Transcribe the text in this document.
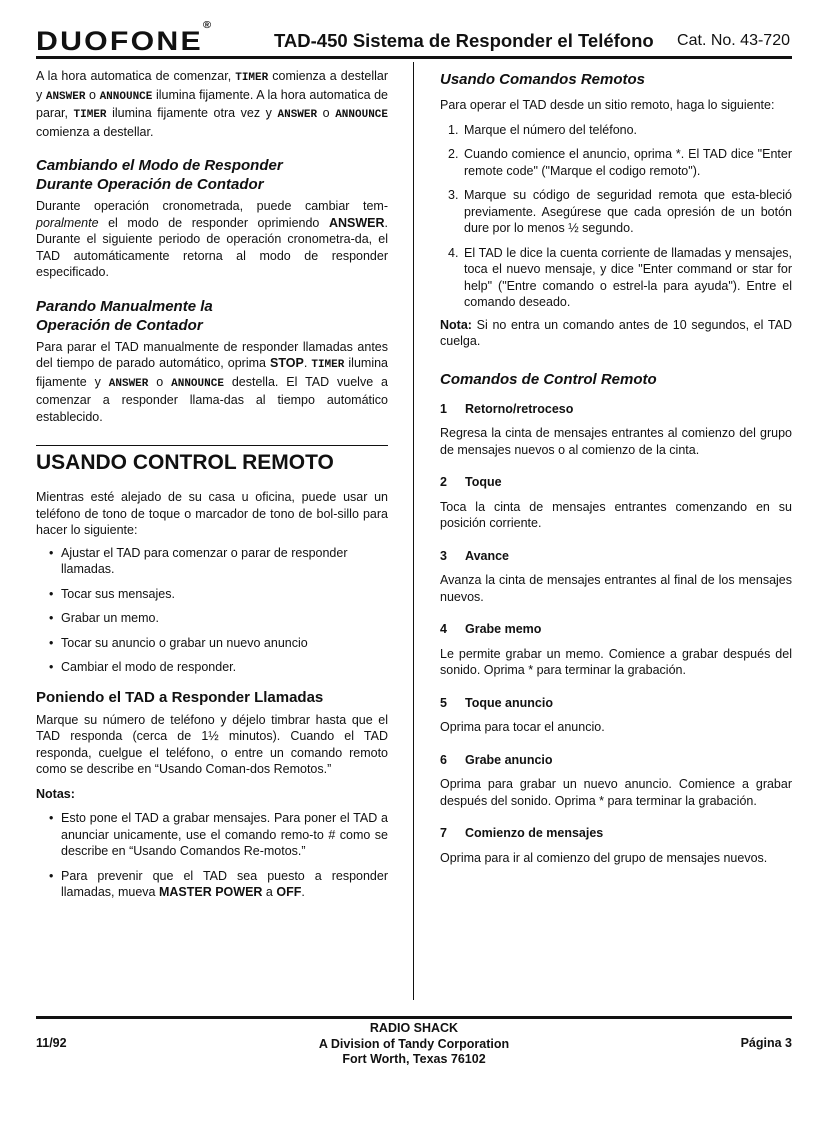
DUOFONE®
TAD-450 Sistema de Responder el Teléfono Cat. No. 43-720

A la hora automatica de comenzar, TIMER comienza a destellar y ANSWER o ANNOUNCE ilumina fijamente. A la hora automatica de parar, TIMER ilumina fijamente otra vez y ANSWER o ANNOUNCE comienza a destellar.

Cambiando el Modo de Responder
Durante Operación de Contador

Durante operación cronometrada, puede cambiar tem-poralmente el modo de responder oprimiendo ANSWER. Durante el siguiente periodo de operación cronometra-da, el TAD automáticamente retorna al modo de responder especificado.

Parando Manualmente la
Operación de Contador

Para parar el TAD manualmente de responder llamadas antes del tiempo de parado automático, oprima STOP. TIMER ilumina fijamente y ANSWER o ANNOUNCE destella. El TAD vuelve a comenzar a responder llama-das al tiempo automático establecido.

USANDO CONTROL REMOTO

Mientras esté alejado de su casa u oficina, puede usar un teléfono de tono de toque o marcador de tono de bol-sillo para hacer lo siguiente:

• Ajustar el TAD para comenzar o parar de responder llamadas.
• Tocar sus mensajes.
• Grabar un memo.
• Tocar su anuncio o grabar un nuevo anuncio
• Cambiar el modo de responder.
Poniendo el TAD a Responder Llamadas

Marque su número de teléfono y déjelo timbrar hasta que el TAD responda (cerca de 1½ minutos). Cuando el TAD responda, cuelgue el teléfono, o entre un comando remoto como se describe en “Usando Coman-dos Remotos.”

Notas:
• Esto pone el TAD a grabar mensajes. Para poner el TAD a anunciar unicamente, use el comando remo-to # como se describe en “Usando Comandos Re-motos.”
• Para prevenir que el TAD sea puesto a responder llamadas, mueva MASTER POWER a OFF.
Usando Comandos Remotos

Para operar el TAD desde un sitio remoto, haga lo siguiente:

1. Marque el número del teléfono.
2. Cuando comience el anuncio, oprima *. El TAD dice "Enter remote code" ("Marque el codigo remoto").
3. Marque su código de seguridad remota que esta-bleció previamente. Asegúrese que cada opresión de un botón dure por lo menos ½ segundo.
4. El TAD le dice la cuenta corriente de llamadas y mensajes, toca el nuevo mensaje, y dice "Enter command or star for help" ("Entre comando o estrel-la para ayuda"). Entre el comando deseado.

Nota: Si no entra un comando antes de 10 segundos, el TAD cuelga.

Comandos de Control Remoto
1 Retorno/retroceso

Regresa la cinta de mensajes entrantes al comienzo del grupo de mensajes nuevos o al comienzo de la cinta.

2 Toque

Toca la cinta de mensajes entrantes comenzando en su posición corriente.

3 Avance

Avanza la cinta de mensajes entrantes al final de los mensajes nuevos.

4 Grabe memo

Le permite grabar un memo. Comience a grabar después del sonido. Oprima * para terminar la grabación.

5 Toque anuncio

Oprima para tocar el anuncio.

6 Grabe anuncio

Oprima para grabar un nuevo anuncio. Comience a grabar después del sonido. Oprima * para terminar la grabación.

7 Comienzo de mensajes

Oprima para ir al comienzo del grupo de mensajes nuevos.

11/92
RADIO SHACK
A Division of Tandy Corporation
Fort Worth, Texas 76102
Página 3
